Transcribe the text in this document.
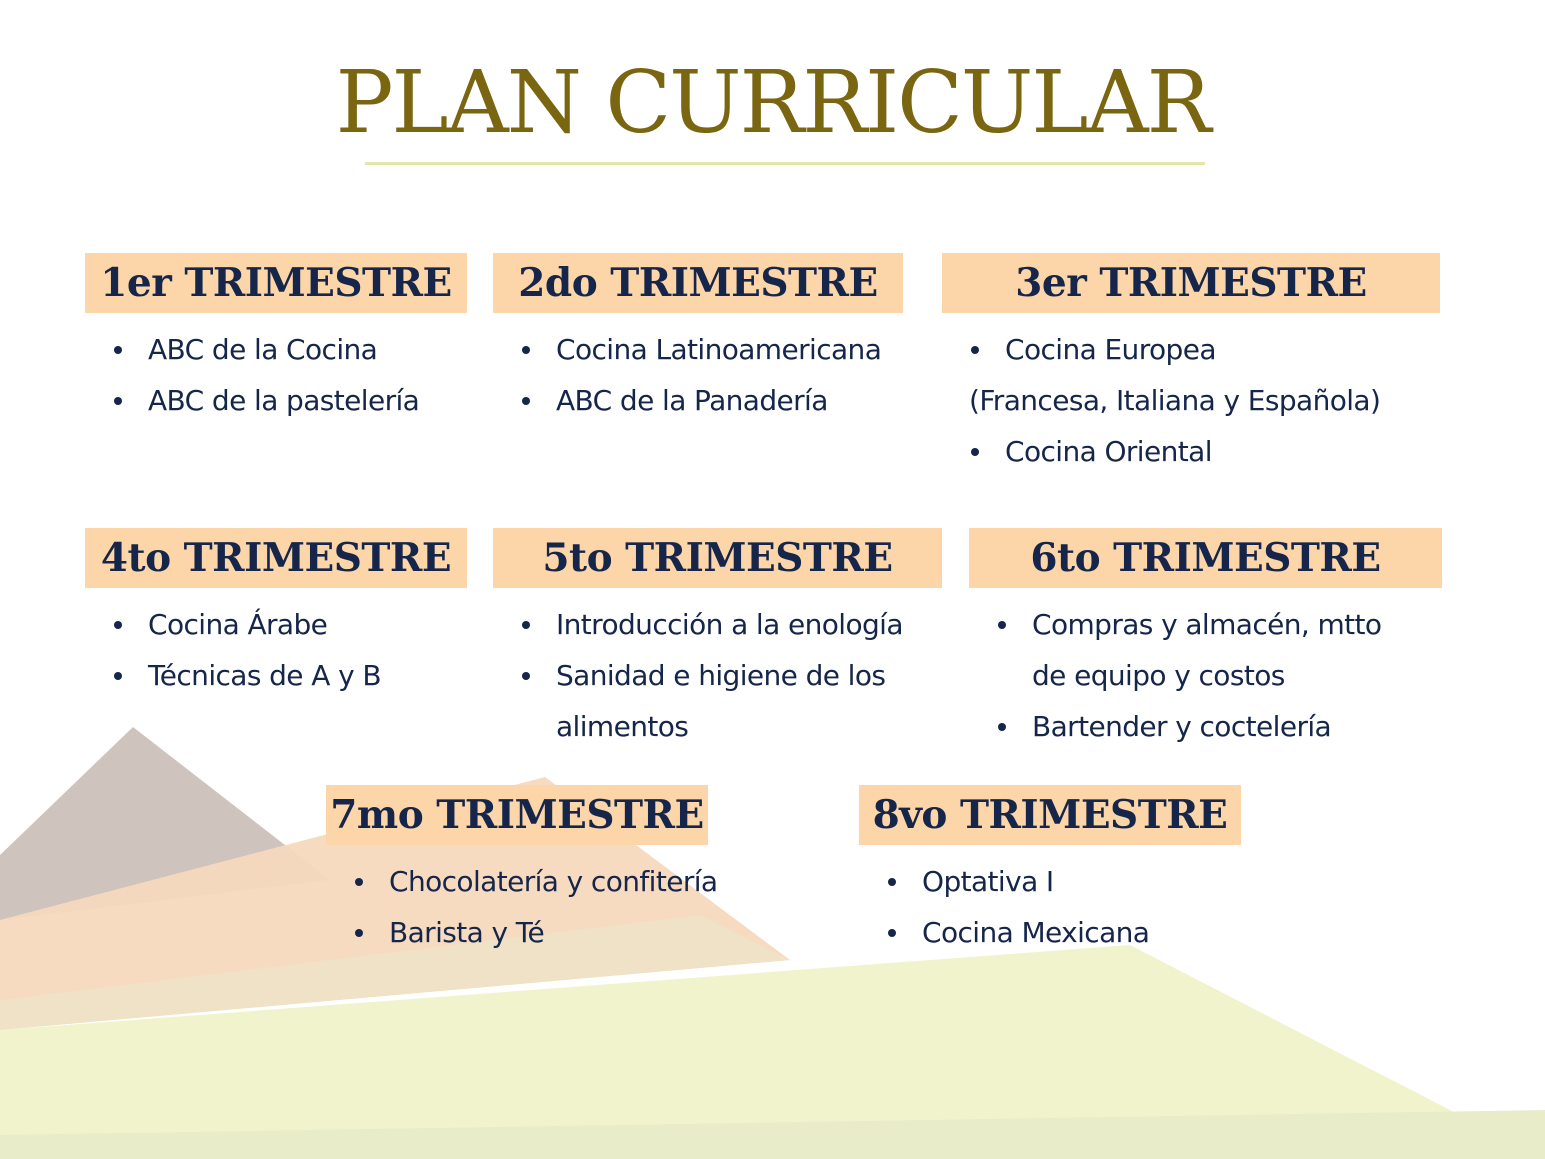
PLAN CURRICULAR
1er TRIMESTRE
ABC de la Cocina
ABC de la pastelería
2do TRIMESTRE
Cocina Latinoamericana
ABC de la Panadería
3er TRIMESTRE
Cocina Europea

(Francesa, Italiana y Española)

Cocina Oriental
4to TRIMESTRE
Cocina Árabe
Técnicas de A y B
5to TRIMESTRE
Introducción a la enología
Sanidad e higiene de los

alimentos

6to TRIMESTRE
Compras y almacén, mtto

de equipo y costos

Bartender y coctelería
7mo TRIMESTRE
Chocolatería y confitería
Barista y Té
8vo TRIMESTRE
Optativa I
Cocina Mexicana
